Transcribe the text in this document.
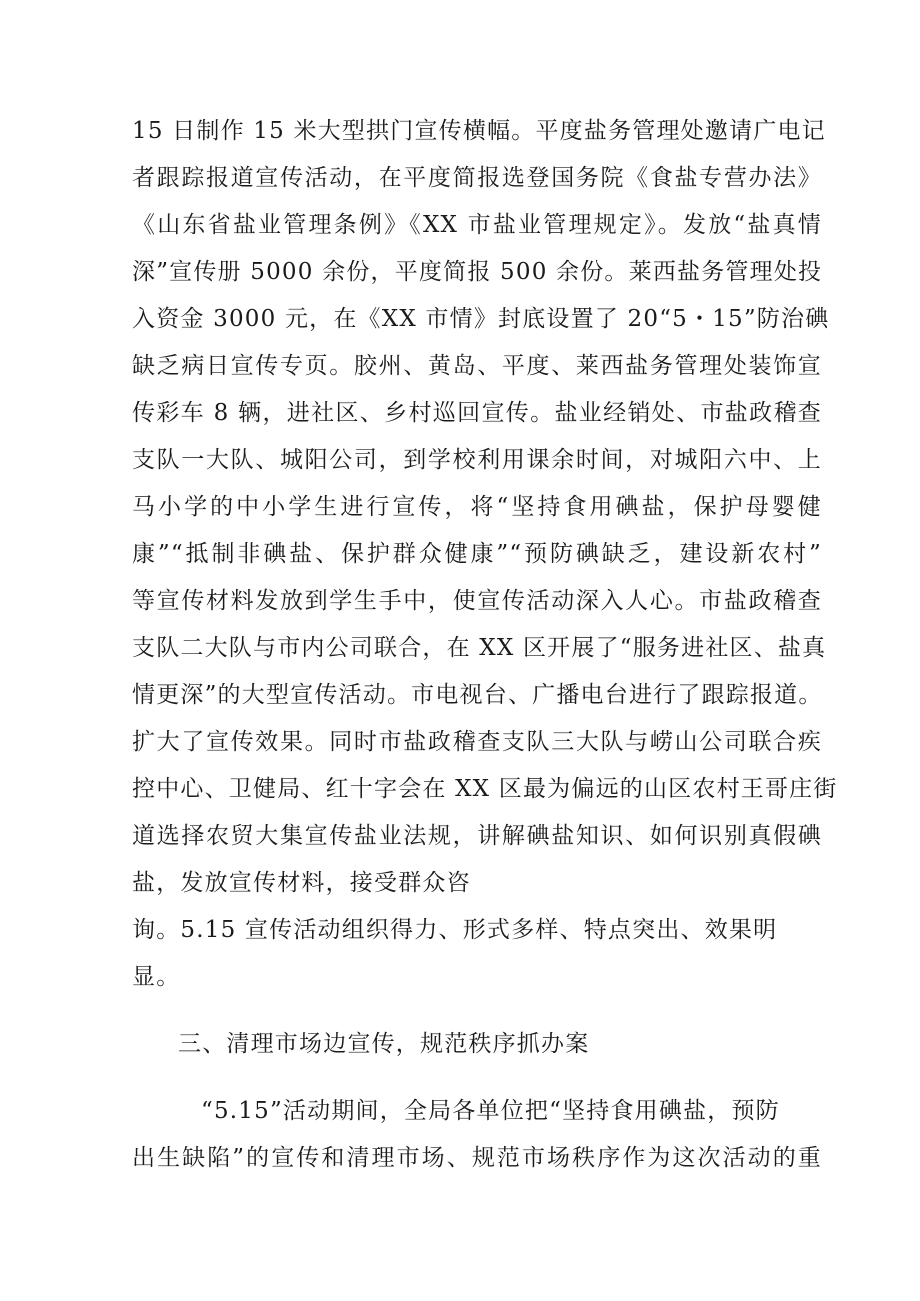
15 日制作 15 米大型拱门宣传横幅。平度盐务管理处邀请广电记
者跟踪报道宣传活动，在平度简报选登国务院《食盐专营办法》
《山东省盐业管理条例》《XX 市盐业管理规定》。发放“盐真情
深”宣传册 5000 余份，平度简报 500 余份。莱西盐务管理处投
入资金 3000 元，在《XX 市情》封底设置了 20“5・15”防治碘
缺乏病日宣传专页。胶州、黄岛、平度、莱西盐务管理处装饰宣
传彩车 8 辆，进社区、乡村巡回宣传。盐业经销处、市盐政稽查
支队一大队、城阳公司，到学校利用课余时间，对城阳六中、上
马小学的中小学生进行宣传，将“坚持食用碘盐，保护母婴健
康”“抵制非碘盐、保护群众健康”“预防碘缺乏，建设新农村”
等宣传材料发放到学生手中，使宣传活动深入人心。市盐政稽查
支队二大队与市内公司联合，在 XX 区开展了“服务进社区、盐真
情更深”的大型宣传活动。市电视台、广播电台进行了跟踪报道。
扩大了宣传效果。同时市盐政稽查支队三大队与崂山公司联合疾
控中心、卫健局、红十字会在 XX 区最为偏远的山区农村王哥庄街
道选择农贸大集宣传盐业法规，讲解碘盐知识、如何识别真假碘
盐，发放宣传材料，接受群众咨
询。5.15 宣传活动组织得力、形式多样、特点突出、效果明
显。
三、清理市场边宣传，规范秩序抓办案
“5.15”活动期间，全局各单位把“坚持食用碘盐，预防
出生缺陷”的宣传和清理市场、规范市场秩序作为这次活动的重
